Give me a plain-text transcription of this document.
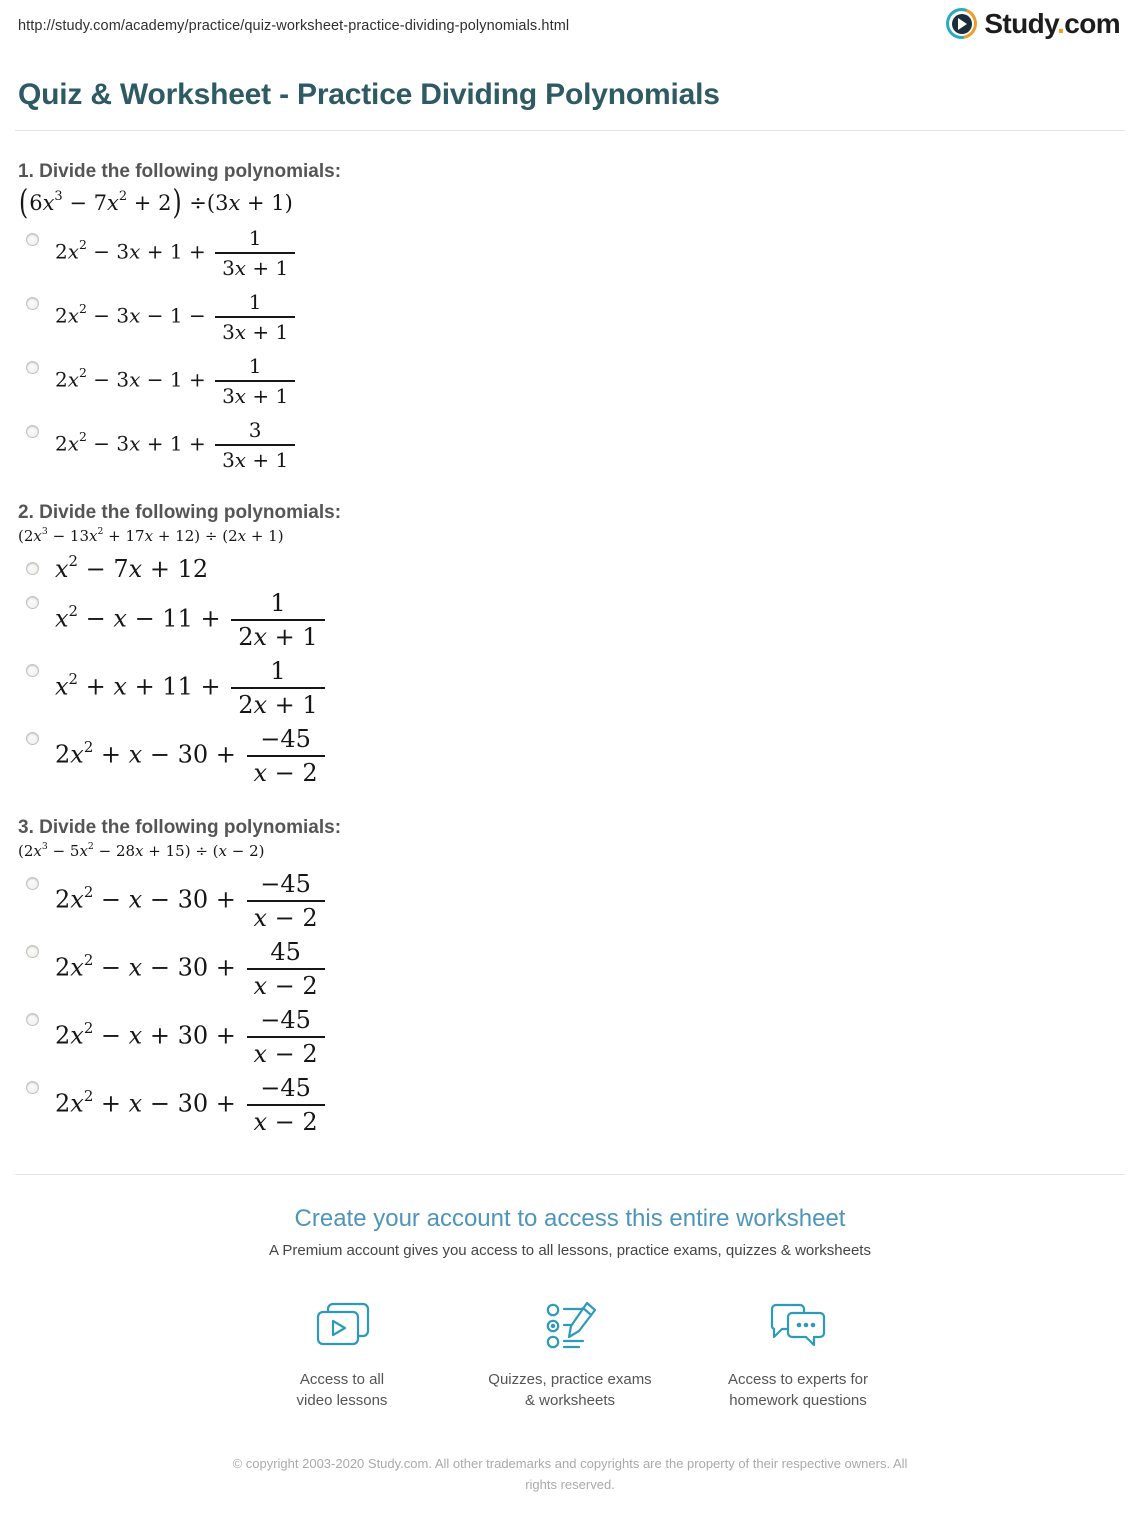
http://study.com/academy/practice/quiz-worksheet-practice-dividing-polynomials.html	Study.com
Quiz & Worksheet - Practice Dividing Polynomials
1. Divide the following polynomials:
$(6x^3 - 7x^2 + 2) \div(3x + 1)$
$2x^2 - 3x + 1 + \frac{1}{3x + 1}$
$2x^2 - 3x - 1 - \frac{1}{3x + 1}$
$2x^2 - 3x - 1 + \frac{1}{3x + 1}$
$2x^2 - 3x + 1 + \frac{3}{3x + 1}$
2. Divide the following polynomials:
$(2x^3 - 13x^2 + 17x + 12) \div (2x + 1)$
$x^2 - 7x + 12$
$x^2 - x - 11 + \frac{1}{2x + 1}$
$x^2 + x + 11 + \frac{1}{2x + 1}$
$2x^2 + x - 30 + \frac{-45}{x - 2}$
3. Divide the following polynomials:
$(2x^3 - 5x^2 - 28x + 15) \div (x - 2)$
$2x^2 - x - 30 + \frac{-45}{x - 2}$
$2x^2 - x - 30 + \frac{45}{x - 2}$
$2x^2 - x + 30 + \frac{-45}{x - 2}$
$2x^2 + x - 30 + \frac{-45}{x - 2}$
Create your account to access this entire worksheet

A Premium account gives you access to all lessons, practice exams, quizzes & worksheets

Access to all
video lessons
Quizzes, practice exams
& worksheets
Access to experts for
homework questions

© copyright 2003-2020 Study.com. All other trademarks and copyrights are the property of their respective owners. All rights reserved.
